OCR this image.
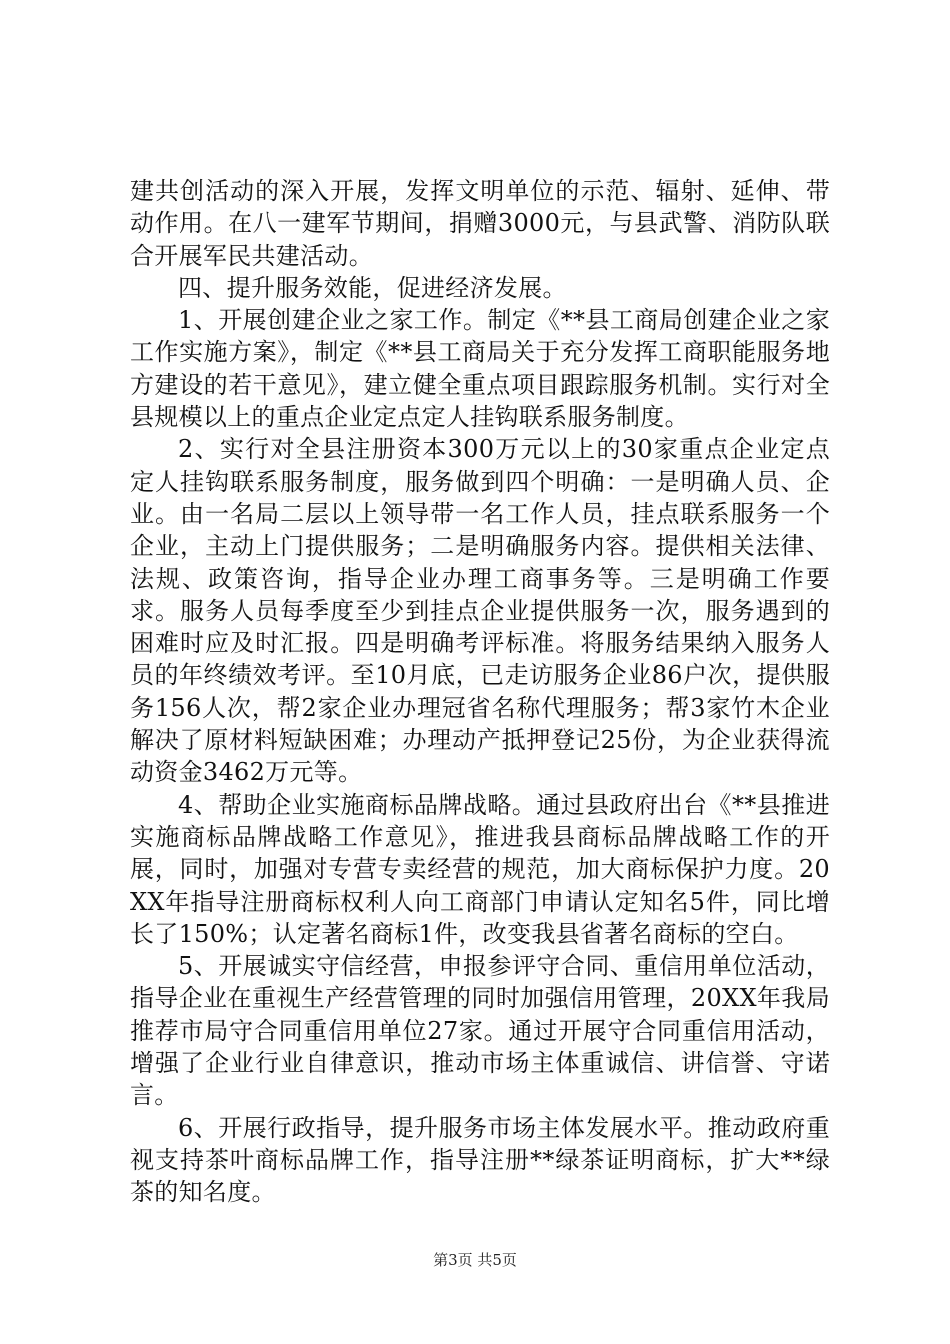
建共创活动的深入开展，发挥文明单位的示范、辐射、延伸、带动作用。在八一建军节期间，捐赠3000元，与县武警、消防队联合开展军民共建活动。

四、提升服务效能，促进经济发展。

1、开展创建企业之家工作。制定《**县工商局创建企业之家工作实施方案》，制定《**县工商局关于充分发挥工商职能服务地方建设的若干意见》，建立健全重点项目跟踪服务机制。实行对全县规模以上的重点企业定点定人挂钩联系服务制度。

2、实行对全县注册资本300万元以上的30家重点企业定点定人挂钩联系服务制度，服务做到四个明确：一是明确人员、企业。由一名局二层以上领导带一名工作人员，挂点联系服务一个企业，主动上门提供服务；二是明确服务内容。提供相关法律、法规、政策咨询，指导企业办理工商事务等。三是明确工作要求。服务人员每季度至少到挂点企业提供服务一次，服务遇到的困难时应及时汇报。四是明确考评标准。将服务结果纳入服务人员的年终绩效考评。至10月底，已走访服务企业86户次，提供服务156人次，帮2家企业办理冠省名称代理服务；帮3家竹木企业解决了原材料短缺困难；办理动产抵押登记25份，为企业获得流动资金3462万元等。

4、帮助企业实施商标品牌战略。通过县政府出台《**县推进实施商标品牌战略工作意见》，推进我县商标品牌战略工作的开展，同时，加强对专营专卖经营的规范，加大商标保护力度。20XX年指导注册商标权利人向工商部门申请认定知名5件，同比增长了150%；认定著名商标1件，改变我县省著名商标的空白。

5、开展诚实守信经营，申报参评守合同、重信用单位活动，指导企业在重视生产经营管理的同时加强信用管理，20XX年我局推荐市局守合同重信用单位27家。通过开展守合同重信用活动，增强了企业行业自律意识，推动市场主体重诚信、讲信誉、守诺言。

6、开展行政指导，提升服务市场主体发展水平。推动政府重视支持茶叶商标品牌工作，指导注册**绿茶证明商标，扩大**绿茶的知名度。

第3页 共5页
